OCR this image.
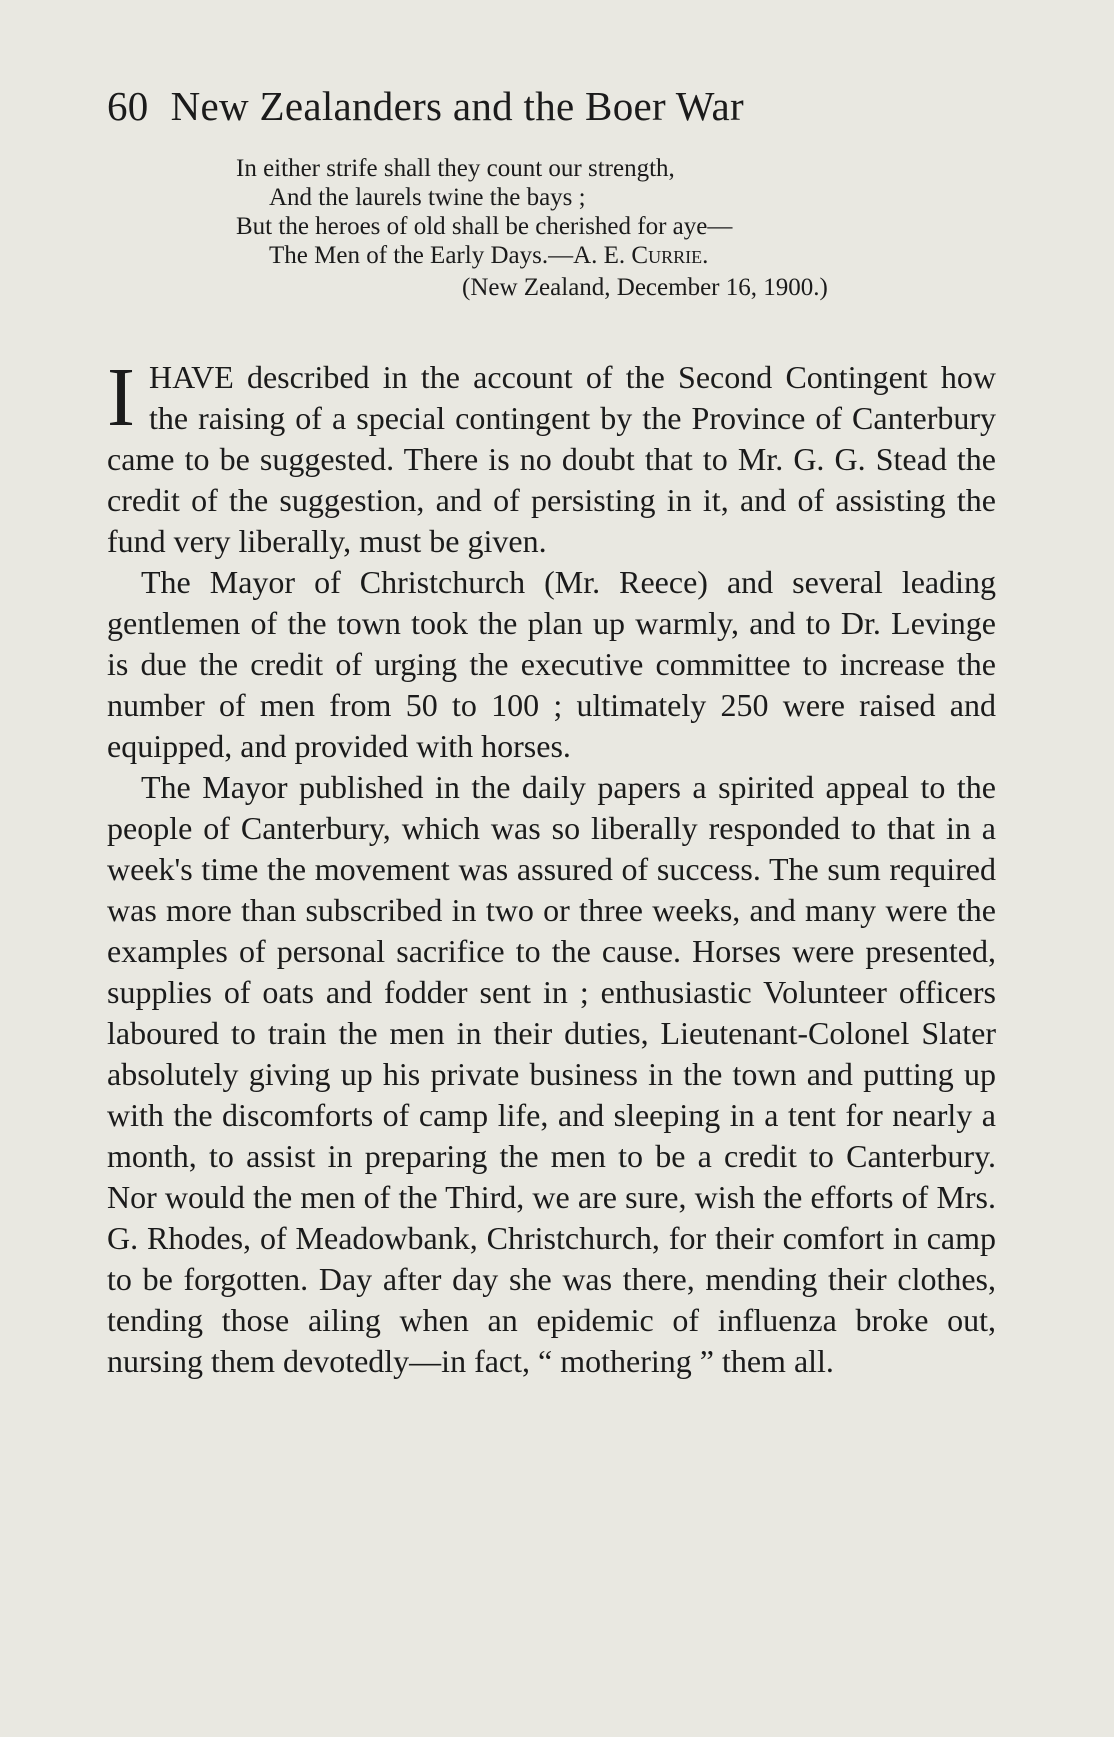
60 New Zealanders and the Boer War
In either strife shall they count our strength,
And the laurels twine the bays ;
But the heroes of old shall be cherished for aye—
The Men of the Early Days.—A. E. Currie.
(New Zealand, December 16, 1900.)

IHAVE described in the account of the Second Contingent how the raising of a special contingent by the Province of Canterbury came to be suggested. There is no doubt that to Mr. G. G. Stead the credit of the suggestion, and of persisting in it, and of assisting the fund very liberally, must be given.

The Mayor of Christchurch (Mr. Reece) and several leading gentlemen of the town took the plan up warmly, and to Dr. Levinge is due the credit of urging the executive committee to increase the number of men from 50 to 100 ; ultimately 250 were raised and equipped, and provided with horses.

The Mayor published in the daily papers a spirited appeal to the people of Canterbury, which was so liberally responded to that in a week's time the movement was assured of success. The sum required was more than subscribed in two or three weeks, and many were the examples of personal sacrifice to the cause. Horses were presented, supplies of oats and fodder sent in ; enthusiastic Volunteer officers laboured to train the men in their duties, Lieutenant-Colonel Slater absolutely giving up his private business in the town and putting up with the discomforts of camp life, and sleeping in a tent for nearly a month, to assist in preparing the men to be a credit to Canterbury. Nor would the men of the Third, we are sure, wish the efforts of Mrs. G. Rhodes, of Meadowbank, Christchurch, for their comfort in camp to be forgotten. Day after day she was there, mending their clothes, tending those ailing when an epidemic of influenza broke out, nursing them devotedly—in fact, “ mothering ” them all.
